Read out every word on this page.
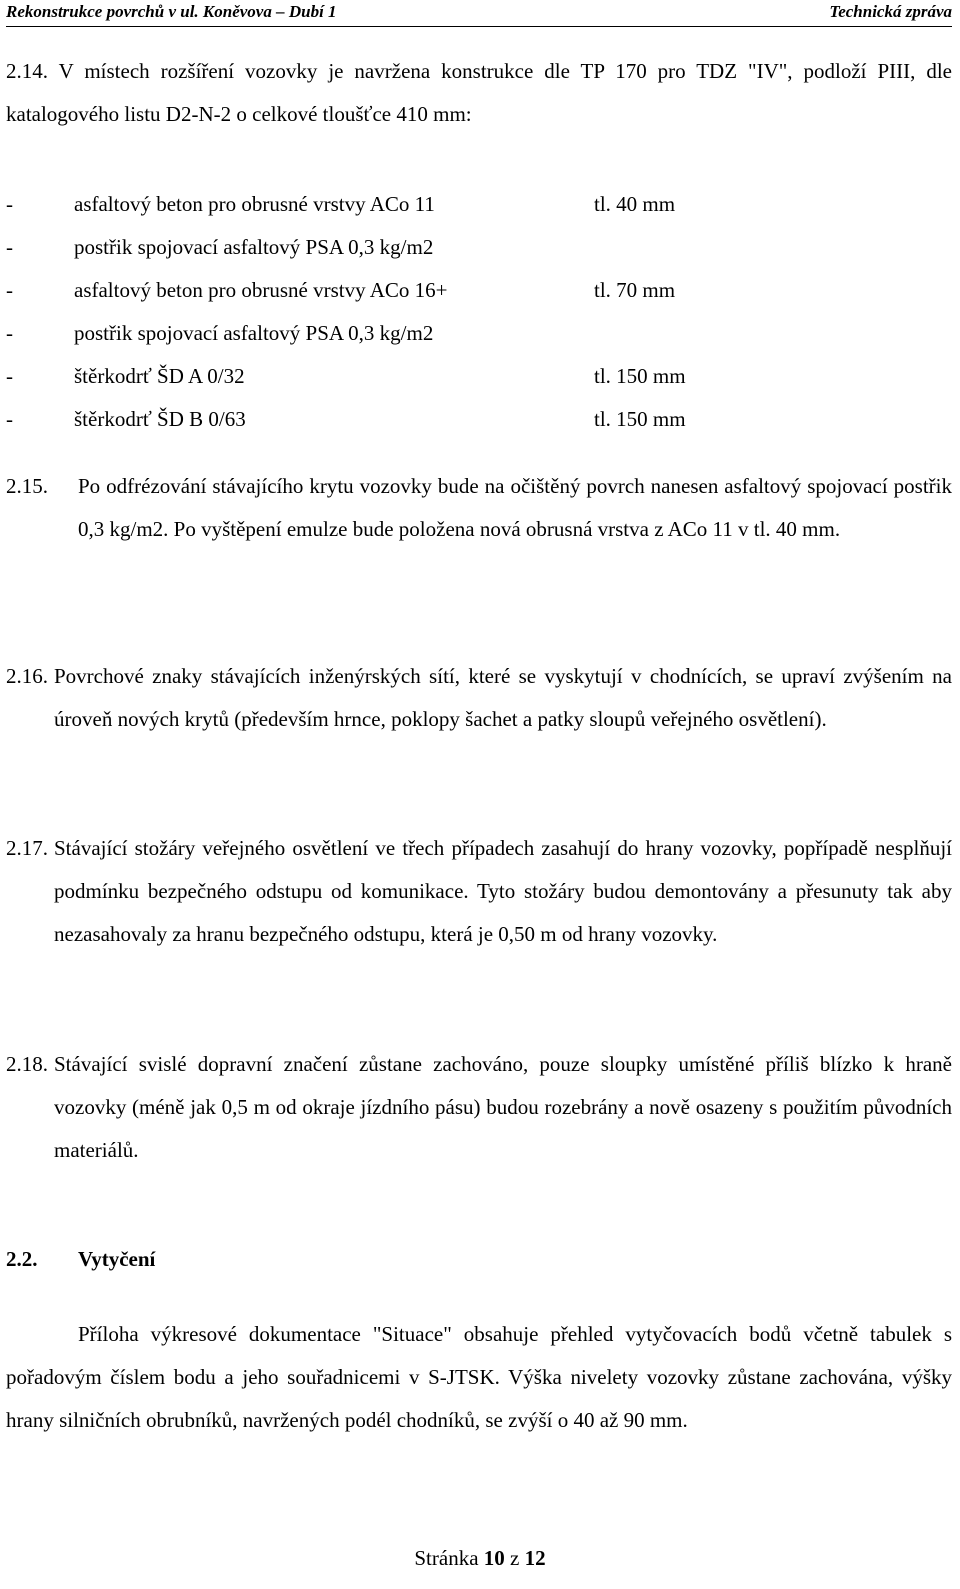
Rekonstrukce povrchů v ul. Koněvova – Dubí 1	Technická zpráva
2.14. V místech rozšíření vozovky je navržena konstrukce dle TP 170 pro TDZ "IV", podloží PIII, dle katalogového listu D2-N-2 o celkové tloušťce 410 mm:
-	asfaltový beton pro obrusné vrstvy ACo 11	tl. 40 mm
-	postřik spojovací asfaltový PSA 0,3 kg/m2
-	asfaltový beton pro obrusné vrstvy ACo 16+	tl. 70 mm
-	postřik spojovací asfaltový PSA 0,3 kg/m2
-	štěrkodrť ŠD A 0/32	tl. 150 mm
-	štěrkodrť ŠD B 0/63	tl. 150 mm
2.15. Po odfrézování stávajícího krytu vozovky bude na očištěný povrch nanesen asfaltový spojovací postřik 0,3 kg/m2. Po vyštěpení emulze bude položena nová obrusná vrstva z ACo 11 v tl. 40 mm.
2.16. Povrchové znaky stávajících inženýrských sítí, které se vyskytují v chodnících, se upraví zvýšením na úroveň nových krytů (především hrnce, poklopy šachet a patky sloupů veřejného osvětlení).
2.17. Stávající stožáry veřejného osvětlení ve třech případech zasahují do hrany vozovky, popřípadě nesplňují podmínku bezpečného odstupu od komunikace. Tyto stožáry budou demontovány a přesunuty tak aby nezasahovaly za hranu bezpečného odstupu, která je 0,50 m od hrany vozovky.
2.18. Stávající svislé dopravní značení zůstane zachováno, pouze sloupky umístěné příliš blízko k hraně vozovky (méně jak 0,5 m od okraje jízdního pásu) budou rozebrány a nově osazeny s použitím původních materiálů.
2.2. Vytyčení
Příloha výkresové dokumentace "Situace" obsahuje přehled vytyčovacích bodů včetně tabulek s pořadovým číslem bodu a jeho souřadnicemi v S-JTSK. Výška nivelety vozovky zůstane zachována, výšky hrany silničních obrubníků, navržených podél chodníků, se zvýší o 40 až 90 mm.
Stránka 10 z 12
